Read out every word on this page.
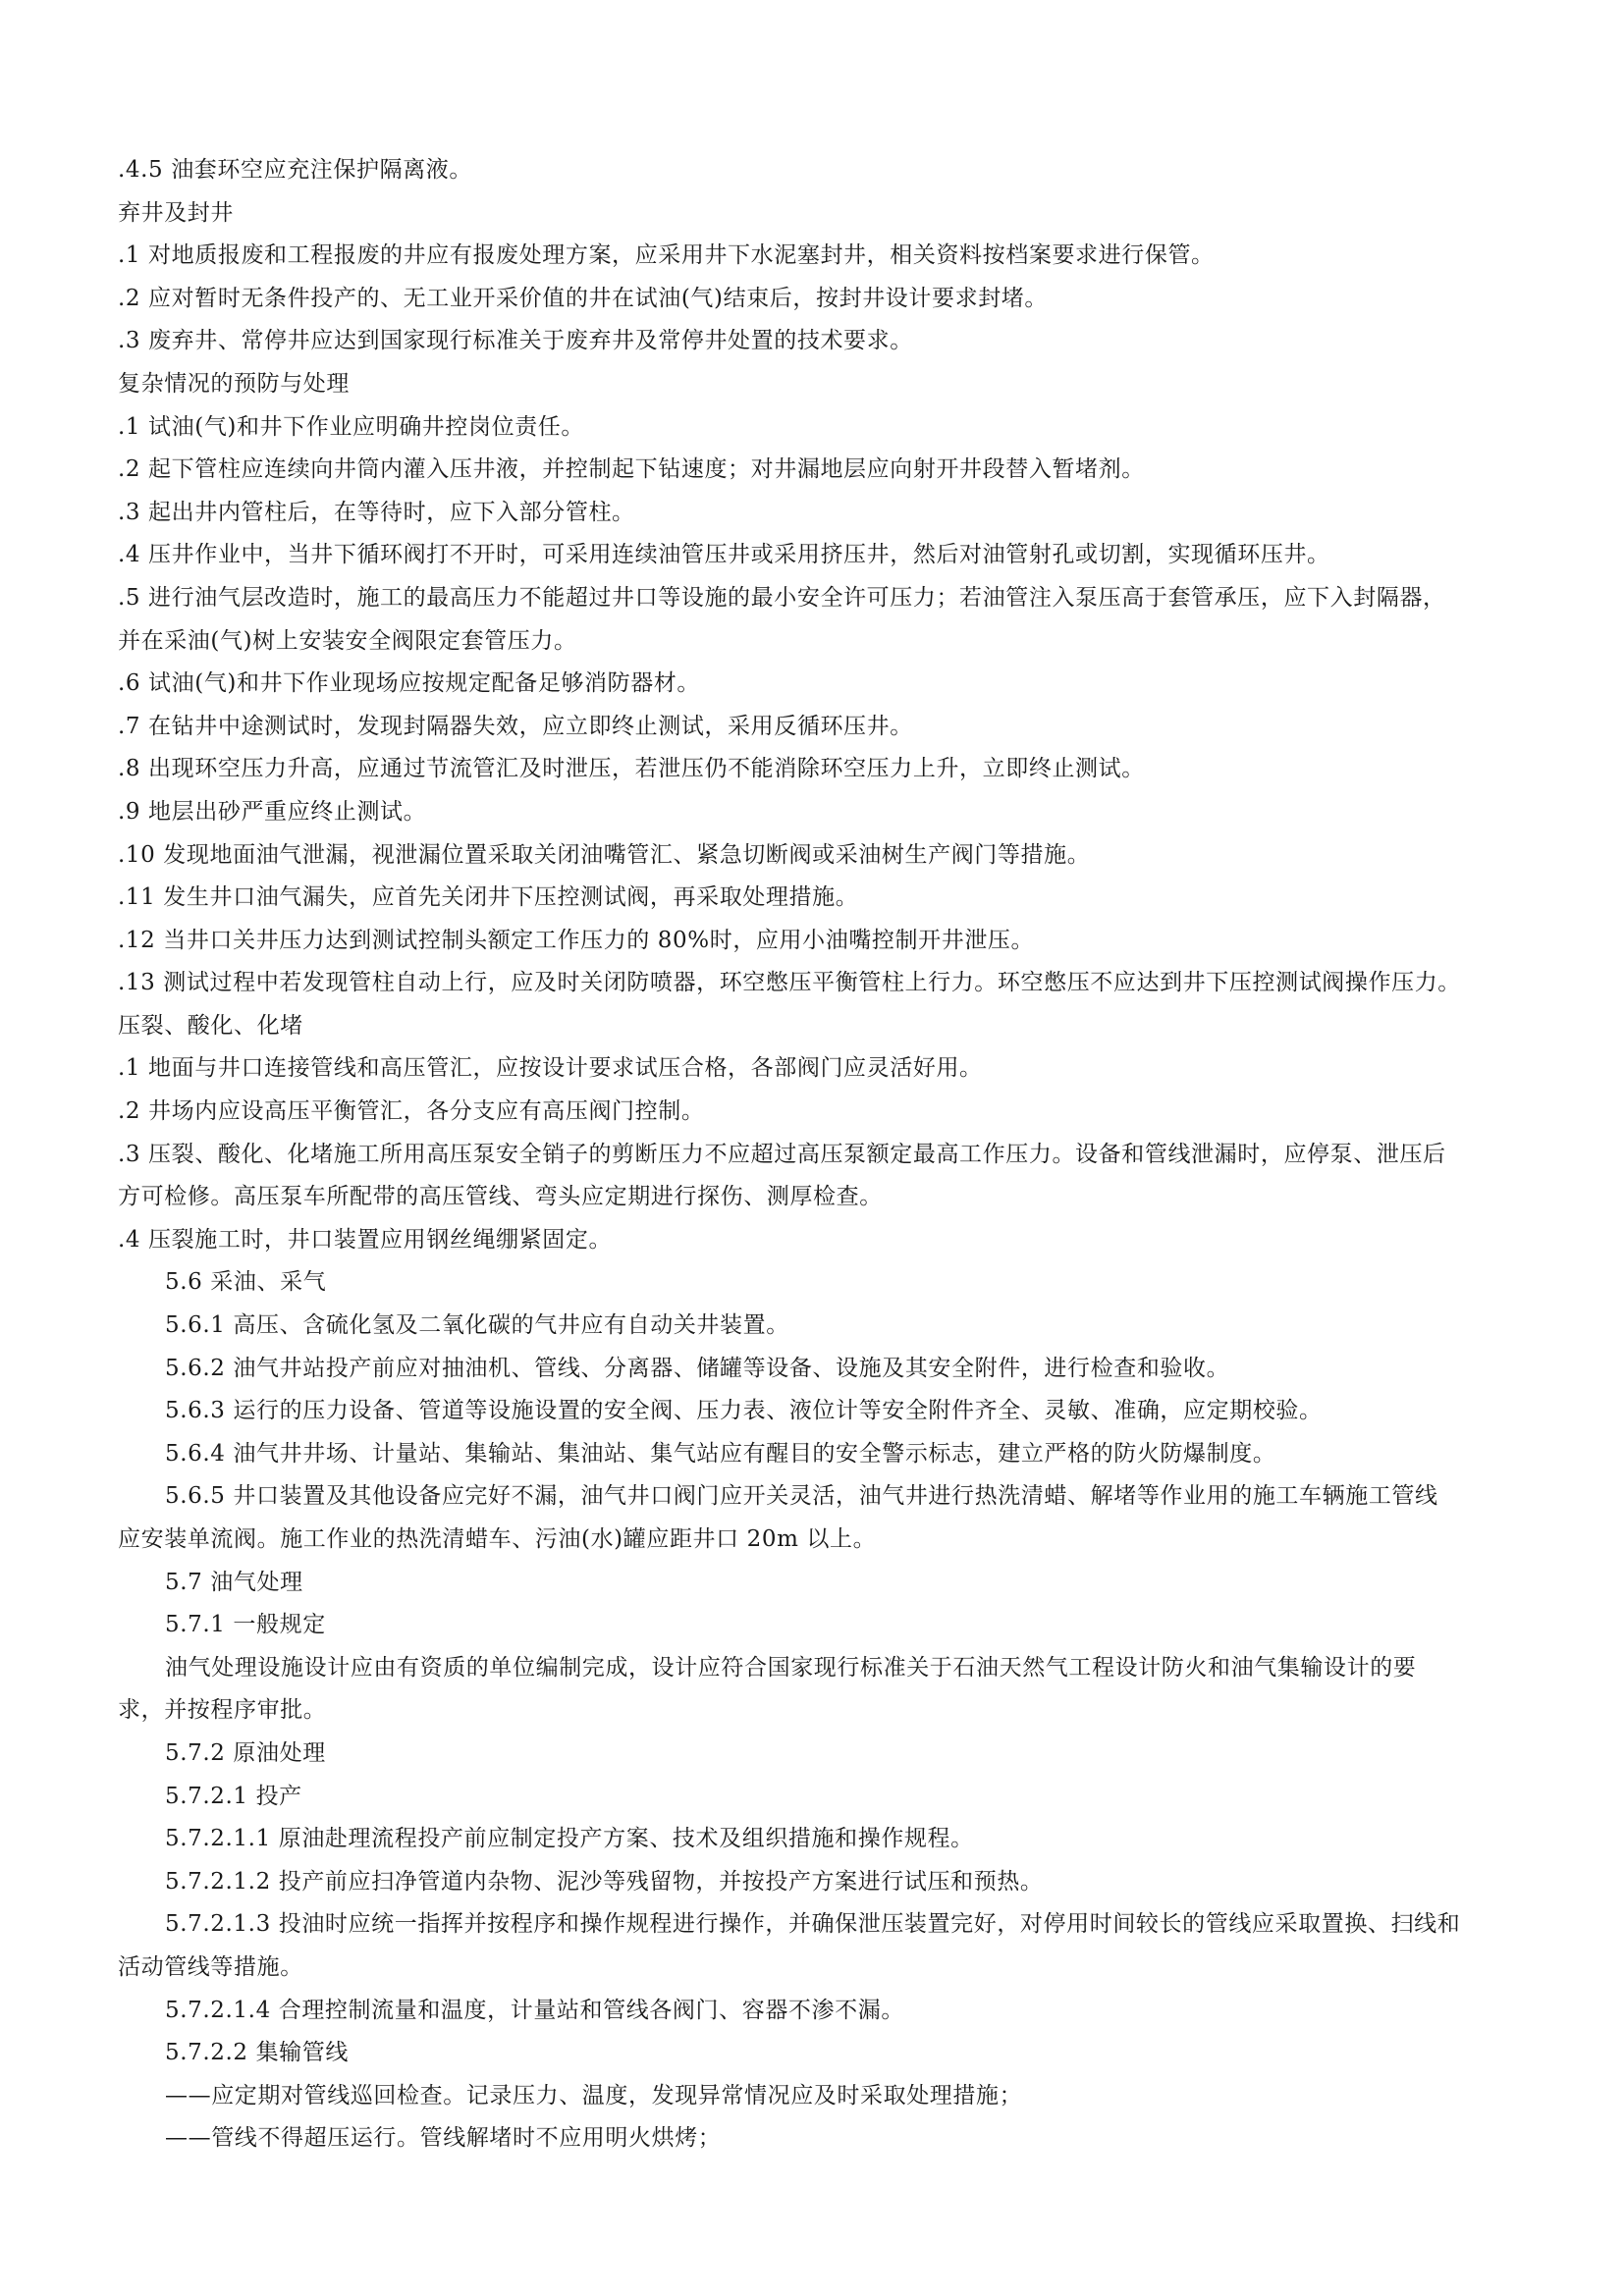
.4.5 油套环空应充注保护隔离液。

弃井及封井

.1 对地质报废和工程报废的井应有报废处理方案，应采用井下水泥塞封井，相关资料按档案要求进行保管。

.2 应对暂时无条件投产的、无工业开采价值的井在试油(气)结束后，按封井设计要求封堵。

.3 废弃井、常停井应达到国家现行标准关于废弃井及常停井处置的技术要求。

复杂情况的预防与处理

.1 试油(气)和井下作业应明确井控岗位责任。

.2 起下管柱应连续向井筒内灌入压井液，并控制起下钻速度；对井漏地层应向射开井段替入暂堵剂。

.3 起出井内管柱后，在等待时，应下入部分管柱。

.4 压井作业中，当井下循环阀打不开时，可采用连续油管压井或采用挤压井，然后对油管射孔或切割，实现循环压井。

.5 进行油气层改造时，施工的最高压力不能超过井口等设施的最小安全许可压力；若油管注入泵压高于套管承压，应下入封隔器，

并在采油(气)树上安装安全阀限定套管压力。

.6 试油(气)和井下作业现场应按规定配备足够消防器材。

.7 在钻井中途测试时，发现封隔器失效，应立即终止测试，采用反循环压井。

.8 出现环空压力升高，应通过节流管汇及时泄压，若泄压仍不能消除环空压力上升，立即终止测试。

.9 地层出砂严重应终止测试。

.10 发现地面油气泄漏，视泄漏位置采取关闭油嘴管汇、紧急切断阀或采油树生产阀门等措施。

.11 发生井口油气漏失，应首先关闭井下压控测试阀，再采取处理措施。

.12 当井口关井压力达到测试控制头额定工作压力的 80%时，应用小油嘴控制开井泄压。

.13 测试过程中若发现管柱自动上行，应及时关闭防喷器，环空憋压平衡管柱上行力。环空憋压不应达到井下压控测试阀操作压力。

压裂、酸化、化堵

.1 地面与井口连接管线和高压管汇，应按设计要求试压合格，各部阀门应灵活好用。

.2 井场内应设高压平衡管汇，各分支应有高压阀门控制。

.3 压裂、酸化、化堵施工所用高压泵安全销子的剪断压力不应超过高压泵额定最高工作压力。设备和管线泄漏时，应停泵、泄压后

方可检修。高压泵车所配带的高压管线、弯头应定期进行探伤、测厚检查。

.4 压裂施工时，井口装置应用钢丝绳绷紧固定。

5.6 采油、采气

5.6.1 高压、含硫化氢及二氧化碳的气井应有自动关井装置。

5.6.2 油气井站投产前应对抽油机、管线、分离器、储罐等设备、设施及其安全附件，进行检查和验收。

5.6.3 运行的压力设备、管道等设施设置的安全阀、压力表、液位计等安全附件齐全、灵敏、准确，应定期校验。

5.6.4 油气井井场、计量站、集输站、集油站、集气站应有醒目的安全警示标志，建立严格的防火防爆制度。

5.6.5 井口装置及其他设备应完好不漏，油气井口阀门应开关灵活，油气井进行热洗清蜡、解堵等作业用的施工车辆施工管线

应安装单流阀。施工作业的热洗清蜡车、污油(水)罐应距井口 20m 以上。

5.7 油气处理

5.7.1 一般规定

油气处理设施设计应由有资质的单位编制完成，设计应符合国家现行标准关于石油天然气工程设计防火和油气集输设计的要

求，并按程序审批。

5.7.2 原油处理

5.7.2.1 投产

5.7.2.1.1 原油赴理流程投产前应制定投产方案、技术及组织措施和操作规程。

5.7.2.1.2 投产前应扫净管道内杂物、泥沙等残留物，并按投产方案进行试压和预热。

5.7.2.1.3 投油时应统一指挥并按程序和操作规程进行操作，并确保泄压装置完好，对停用时间较长的管线应采取置换、扫线和

活动管线等措施。

5.7.2.1.4 合理控制流量和温度，计量站和管线各阀门、容器不渗不漏。

5.7.2.2 集输管线

——应定期对管线巡回检查。记录压力、温度，发现异常情况应及时采取处理措施；

——管线不得超压运行。管线解堵时不应用明火烘烤；
